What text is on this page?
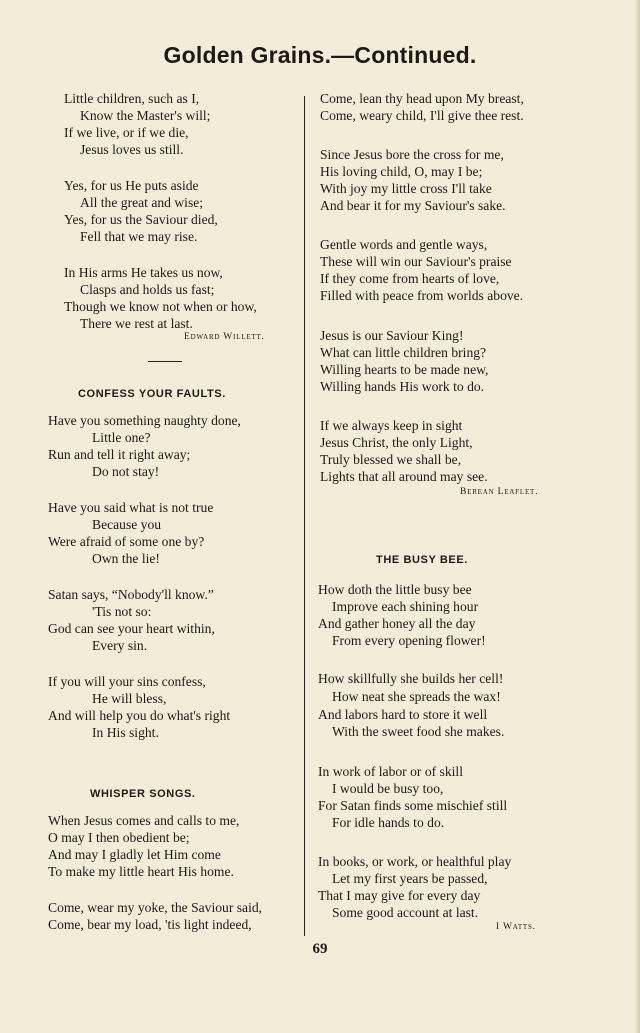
Golden Grains.—Continued.
Little children, such as I,
Know the Master's will;
If we live, or if we die,
Jesus loves us still.
Yes, for us He puts aside
All the great and wise;
Yes, for us the Saviour died,
Fell that we may rise.
In His arms He takes us now,
Clasps and holds us fast;
Though we know not when or how,
There we rest at last.
Edward Willett.
CONFESS YOUR FAULTS.
Have you something naughty done,
Little one?
Run and tell it right away;
Do not stay!
Have you said what is not true
Because you
Were afraid of some one by?
Own the lie!
Satan says, “Nobody'll know.”
'Tis not so:
God can see your heart within,
Every sin.
If you will your sins confess,
He will bless,
And will help you do what's right
In His sight.
WHISPER SONGS.
When Jesus comes and calls to me,
O may I then obedient be;
And may I gladly let Him come
To make my little heart His home.
Come, wear my yoke, the Saviour said,
Come, bear my load, 'tis light indeed,
Come, lean thy head upon My breast,
Come, weary child, I'll give thee rest.
Since Jesus bore the cross for me,
His loving child, O, may I be;
With joy my little cross I'll take
And bear it for my Saviour's sake.
Gentle words and gentle ways,
These will win our Saviour's praise
If they come from hearts of love,
Filled with peace from worlds above.
Jesus is our Saviour King!
What can little children bring?
Willing hearts to be made new,
Willing hands His work to do.
If we always keep in sight
Jesus Christ, the only Light,
Truly blessed we shall be,
Lights that all around may see.
Berean Leaflet.
THE BUSY BEE.
How doth the little busy bee
Improve each shining hour
And gather honey all the day
From every opening flower!
How skillfully she builds her cell!
How neat she spreads the wax!
And labors hard to store it well
With the sweet food she makes.
In work of labor or of skill
I would be busy too,
For Satan finds some mischief still
For idle hands to do.
In books, or work, or healthful play
Let my first years be passed,
That I may give for every day
Some good account at last.
I Watts.
69
